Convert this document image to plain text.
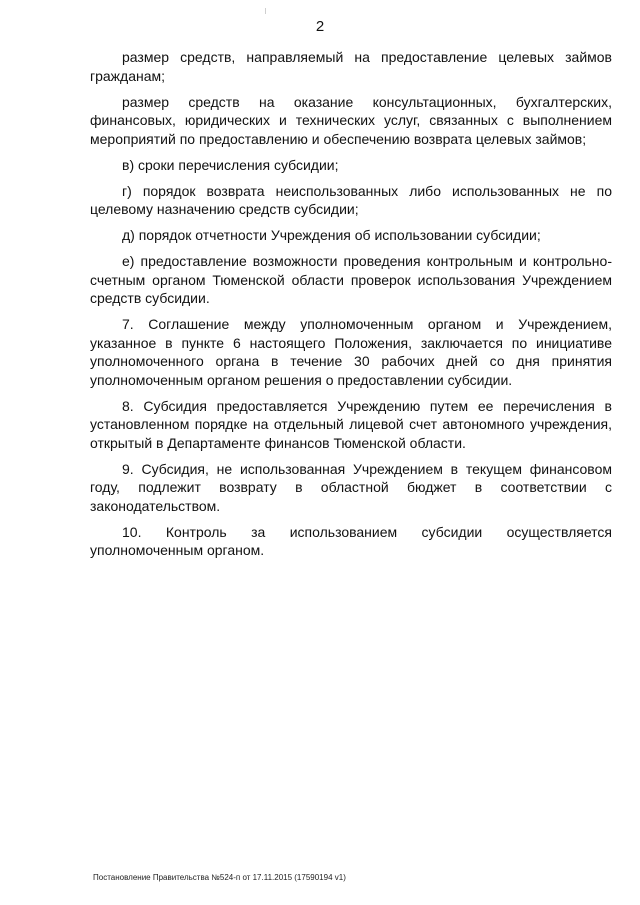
2

размер средств, направляемый на предоставление целевых займов гражданам;

размер средств на оказание консультационных, бухгалтерских, финансовых, юридических и технических услуг, связанных с выполнением мероприятий по предоставлению и обеспечению возврата целевых займов;

в) сроки перечисления субсидии;

г) порядок возврата неиспользованных либо использованных не по целевому назначению средств субсидии;

д) порядок отчетности Учреждения об использовании субсидии;

е) предоставление возможности проведения контрольным и контрольно-счетным органом Тюменской области проверок использования Учреждением средств субсидии.

7. Соглашение между уполномоченным органом и Учреждением, указанное в пункте 6 настоящего Положения, заключается по инициативе уполномоченного органа в течение 30 рабочих дней со дня принятия уполномоченным органом решения о предоставлении субсидии.

8. Субсидия предоставляется Учреждению путем ее перечисления в установленном порядке на отдельный лицевой счет автономного учреждения, открытый в Департаменте финансов Тюменской области.

9. Субсидия, не использованная Учреждением в текущем финансовом году, подлежит возврату в областной бюджет в соответствии с законодательством.

10. Контроль за использованием субсидии осуществляется уполномоченным органом.

Постановление Правительства №524-п от 17.11.2015 (17590194 v1)
